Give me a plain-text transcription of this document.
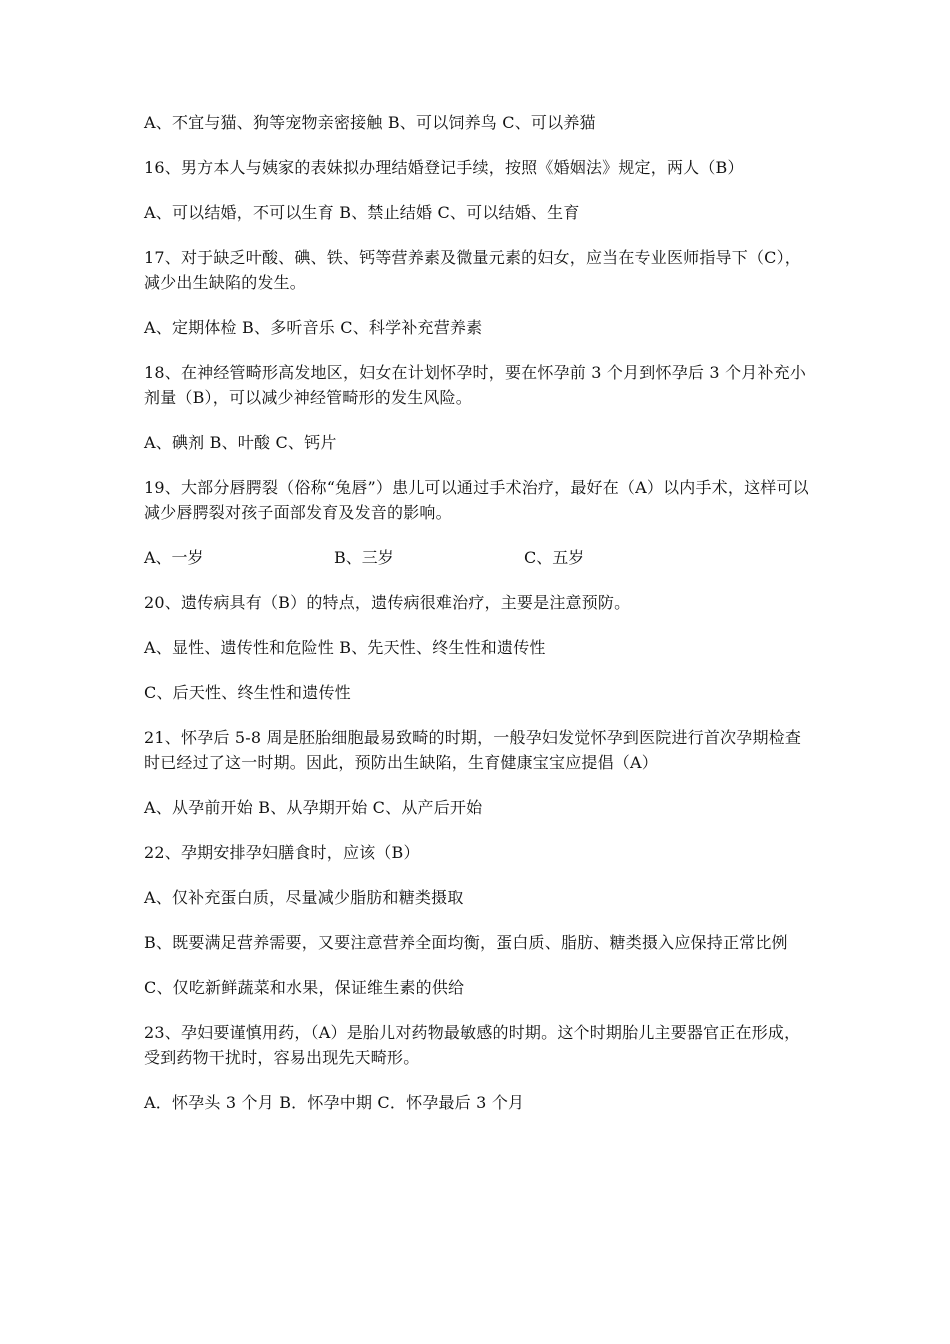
A、不宜与猫、狗等宠物亲密接触 B、可以饲养鸟 C、可以养猫

16、男方本人与姨家的表妹拟办理结婚登记手续，按照《婚姻法》规定，两人（B）

A、可以结婚，不可以生育 B、禁止结婚 C、可以结婚、生育

17、对于缺乏叶酸、碘、铁、钙等营养素及微量元素的妇女，应当在专业医师指导下（C），减少出生缺陷的发生。

A、定期体检 B、多听音乐 C、科学补充营养素

18、在神经管畸形高发地区，妇女在计划怀孕时，要在怀孕前 3 个月到怀孕后 3 个月补充小剂量（B），可以减少神经管畸形的发生风险。

A、碘剂 B、叶酸 C、钙片

19、大部分唇腭裂（俗称“兔唇”）患儿可以通过手术治疗，最好在（A）以内手术，这样可以减少唇腭裂对孩子面部发育及发音的影响。

A、一岁	B、三岁	C、五岁

20、遗传病具有（B）的特点，遗传病很难治疗，主要是注意预防。

A、显性、遗传性和危险性 B、先天性、终生性和遗传性

C、后天性、终生性和遗传性

21、怀孕后 5-8 周是胚胎细胞最易致畸的时期，一般孕妇发觉怀孕到医院进行首次孕期检查时已经过了这一时期。因此，预防出生缺陷，生育健康宝宝应提倡（A）

A、从孕前开始 B、从孕期开始 C、从产后开始

22、孕期安排孕妇膳食时，应该（B）

A、仅补充蛋白质，尽量减少脂肪和糖类摄取

B、既要满足营养需要，又要注意营养全面均衡，蛋白质、脂肪、糖类摄入应保持正常比例

C、仅吃新鲜蔬菜和水果，保证维生素的供给

23、孕妇要谨慎用药，（A）是胎儿对药物最敏感的时期。这个时期胎儿主要器官正在形成，受到药物干扰时，容易出现先天畸形。

A．怀孕头 3 个月 B．怀孕中期 C．怀孕最后 3 个月
